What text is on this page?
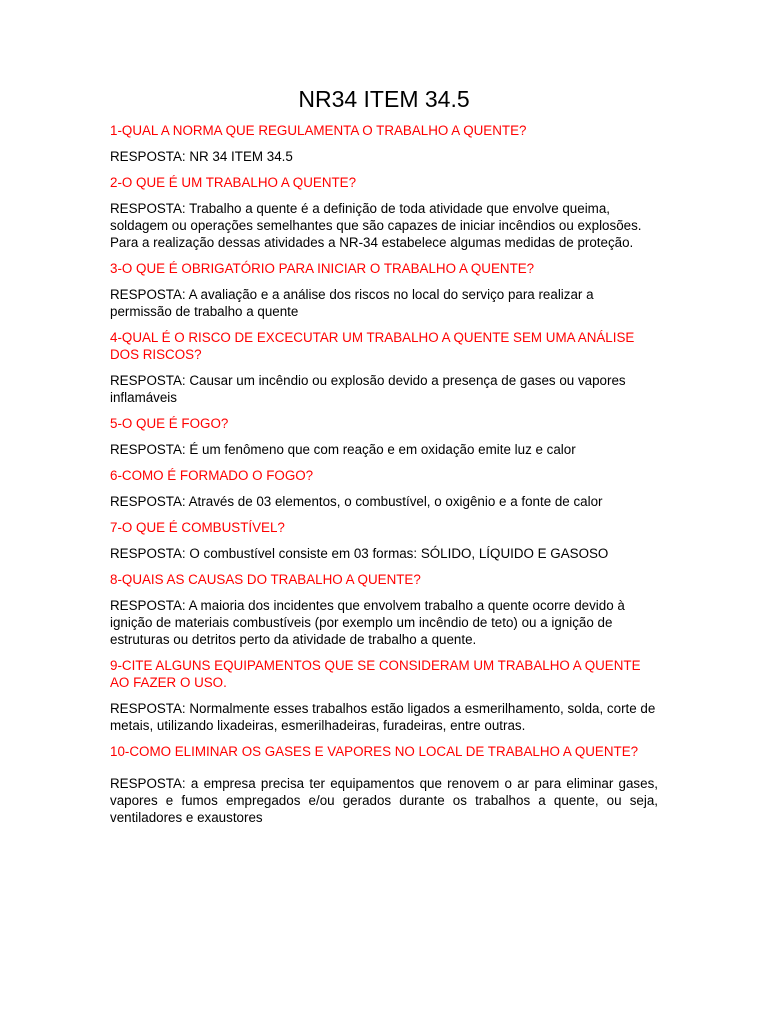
NR34 ITEM 34.5
1-QUAL A NORMA QUE REGULAMENTA O TRABALHO A QUENTE?
RESPOSTA: NR 34 ITEM 34.5
2-O QUE É UM TRABALHO A QUENTE?
RESPOSTA: Trabalho a quente é a definição de toda atividade que envolve queima, soldagem ou operações semelhantes que são capazes de iniciar incêndios ou explosões. Para a realização dessas atividades a NR-34 estabelece algumas medidas de proteção.
3-O QUE É OBRIGATÓRIO PARA INICIAR O TRABALHO A QUENTE?
RESPOSTA: A avaliação e a análise dos riscos no local do serviço para realizar a permissão de trabalho a quente
4-QUAL É O RISCO DE EXCECUTAR UM TRABALHO A QUENTE SEM UMA ANÁLISE DOS RISCOS?
RESPOSTA: Causar um incêndio ou explosão devido a presença de gases ou vapores inflamáveis
5-O QUE É FOGO?
RESPOSTA: É um fenômeno que com reação e em oxidação emite luz e calor
6-COMO É FORMADO O FOGO?
RESPOSTA: Através de 03 elementos, o combustível, o oxigênio e a fonte de calor
7-O QUE É COMBUSTÍVEL?
RESPOSTA: O combustível consiste em 03 formas: SÓLIDO, LÍQUIDO E GASOSO
8-QUAIS AS CAUSAS DO TRABALHO A QUENTE?
RESPOSTA: A maioria dos incidentes que envolvem trabalho a quente ocorre devido à ignição de materiais combustíveis (por exemplo um incêndio de teto) ou a ignição de estruturas ou detritos perto da atividade de trabalho a quente.
9-CITE ALGUNS EQUIPAMENTOS QUE SE CONSIDERAM UM TRABALHO A QUENTE AO FAZER O USO.
RESPOSTA: Normalmente esses trabalhos estão ligados a esmerilhamento, solda, corte de metais, utilizando lixadeiras, esmerilhadeiras, furadeiras, entre outras.
10-COMO ELIMINAR OS GASES E VAPORES NO LOCAL DE TRABALHO A QUENTE?
RESPOSTA: a empresa precisa ter equipamentos que renovem o ar para eliminar gases, vapores e fumos empregados e/ou gerados durante os trabalhos a quente, ou seja, ventiladores e exaustores
